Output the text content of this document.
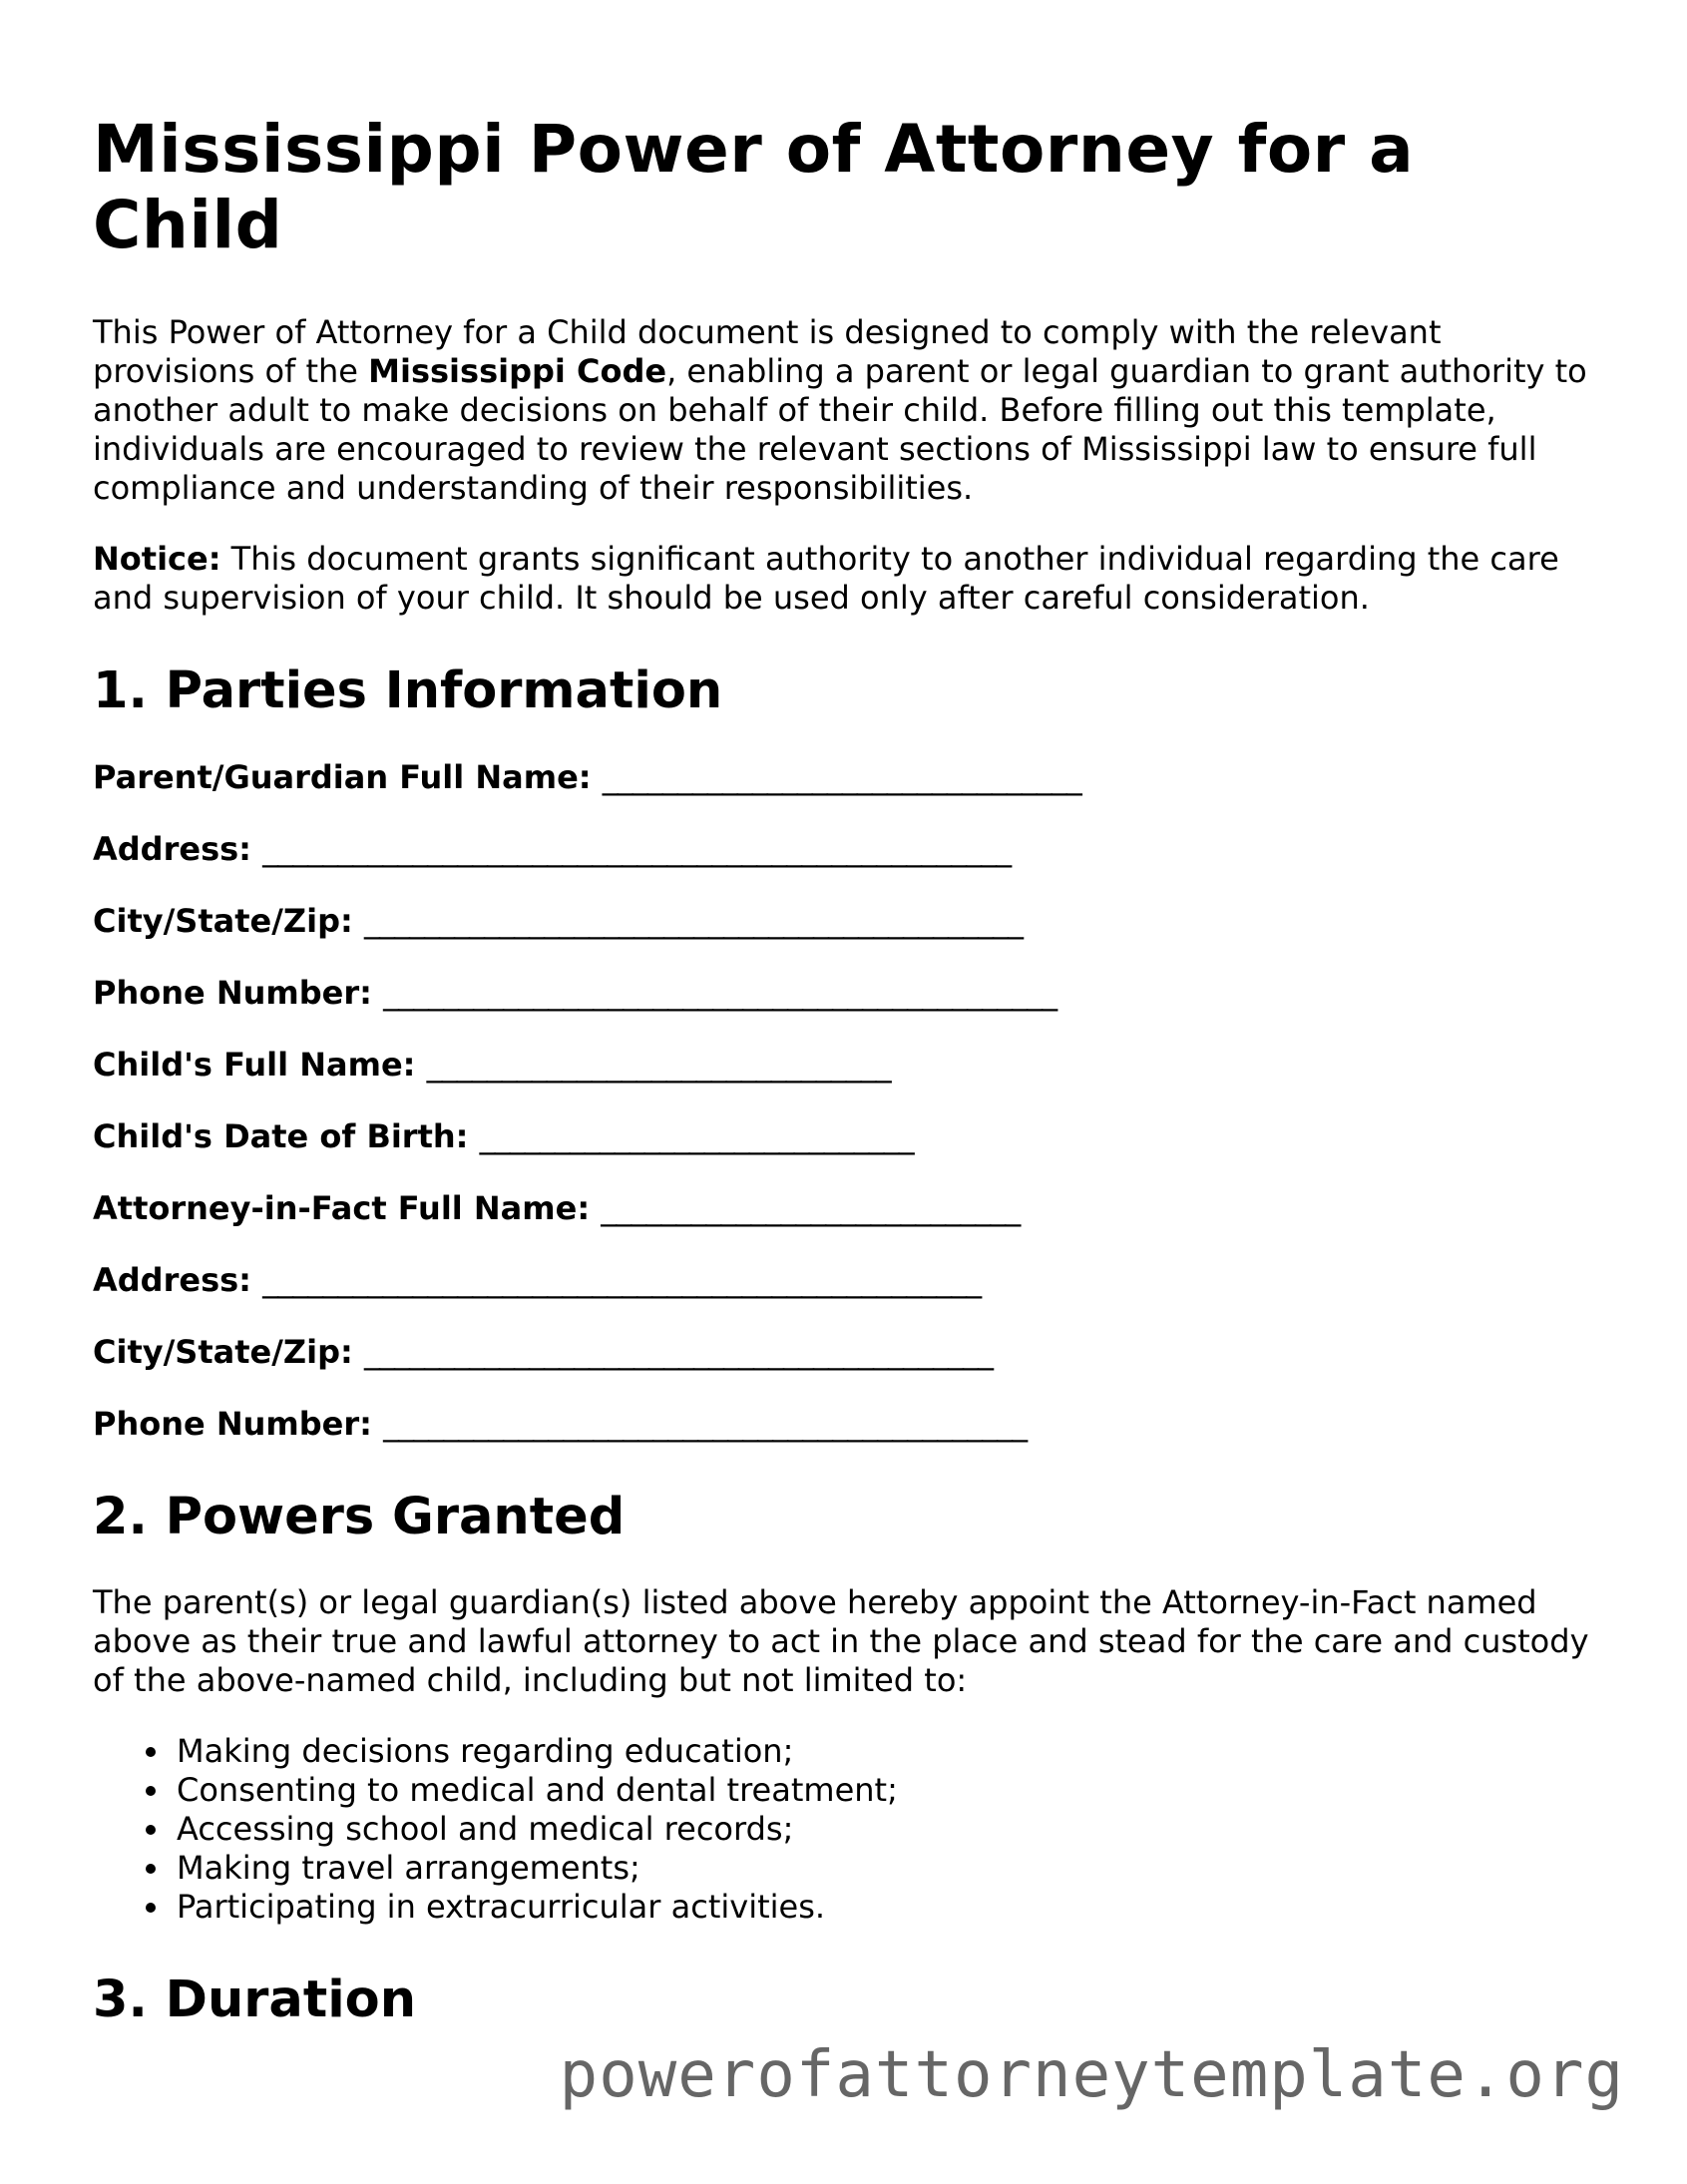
Mississippi Power of Attorney for a Child

This Power of Attorney for a Child document is designed to comply with the relevant provisions of the Mississippi Code, enabling a parent or legal guardian to grant authority to another adult to make decisions on behalf of their child. Before filling out this template, individuals are encouraged to review the relevant sections of Mississippi law to ensure full compliance and understanding of their responsibilities.

Notice: This document grants significant authority to another individual regarding the care and supervision of your child. It should be used only after careful consideration.

1. Parties Information
Parent/Guardian Full Name: ________________________________
Address: __________________________________________________
City/State/Zip: ____________________________________________
Phone Number: _____________________________________________
Child's Full Name: _______________________________
Child's Date of Birth: _____________________________
Attorney-in-Fact Full Name: ____________________________
Address: ________________________________________________
City/State/Zip: __________________________________________
Phone Number: ___________________________________________
2. Powers Granted

The parent(s) or legal guardian(s) listed above hereby appoint the Attorney-in-Fact named above as their true and lawful attorney to act in the place and stead for the care and custody of the above-named child, including but not limited to:

• Making decisions regarding education;
• Consenting to medical and dental treatment;
• Accessing school and medical records;
• Making travel arrangements;
• Participating in extracurricular activities.
3. Duration
powerofattorneytemplate.org
